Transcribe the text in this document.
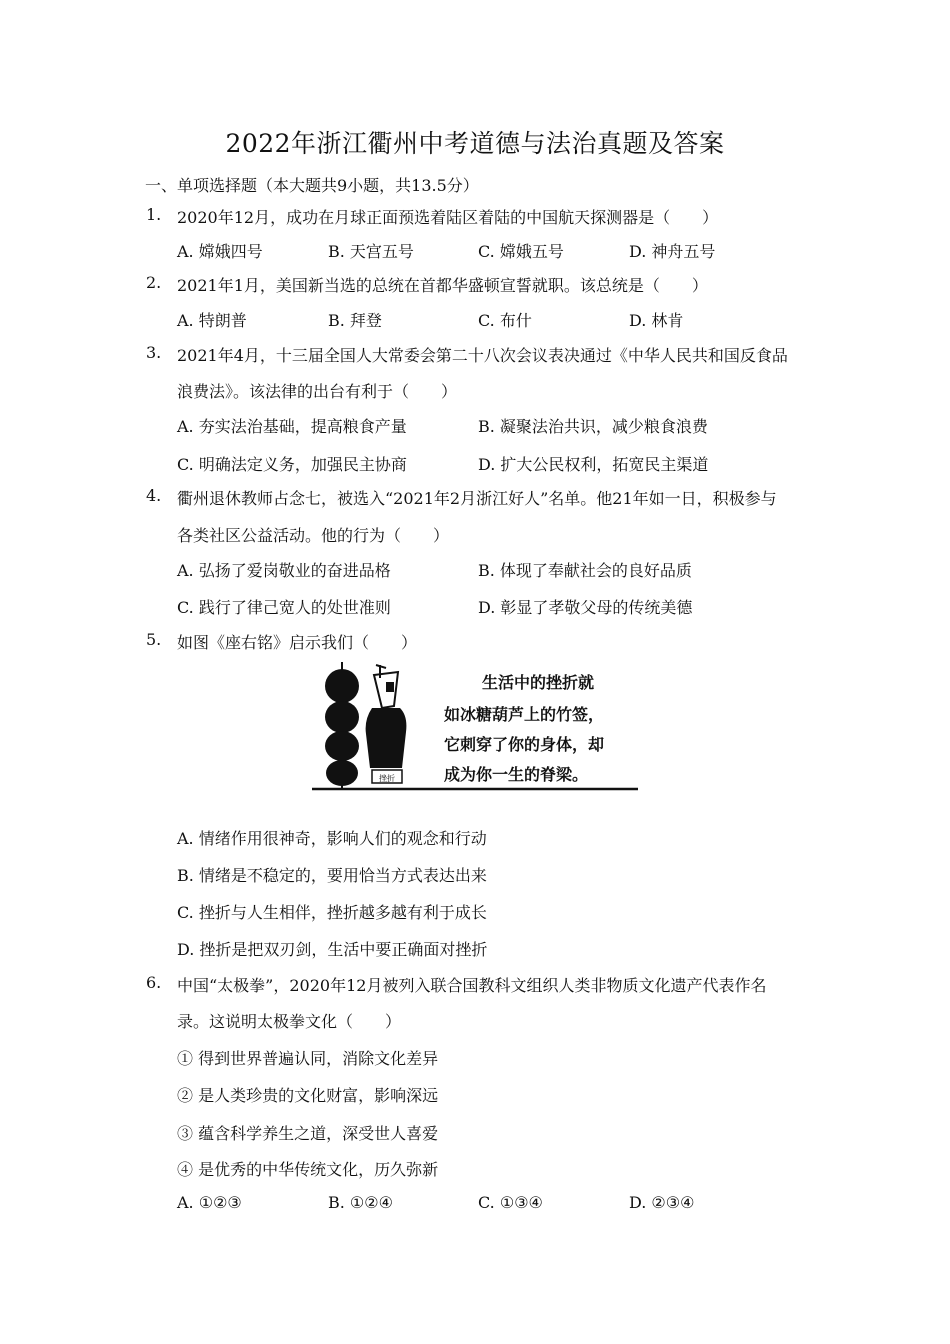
2022年浙江衢州中考道德与法治真题及答案
一、单项选择题（本大题共9小题，共13.5分）
1. 2020年12月，成功在月球正面预选着陆区着陆的中国航天探测器是（　　）
A. 嫦娥四号	B. 天宫五号	C. 嫦娥五号	D. 神舟五号
2. 2021年1月，美国新当选的总统在首都华盛顿宣誓就职。该总统是（　　）
A. 特朗普	B. 拜登	C. 布什	D. 林肯
3. 2021年4月，十三届全国人大常委会第二十八次会议表决通过《中华人民共和国反食品
浪费法》。该法律的出台有利于（　　）
A. 夯实法治基础，提高粮食产量	B. 凝聚法治共识，减少粮食浪费
C. 明确法定义务，加强民主协商	D. 扩大公民权利，拓宽民主渠道
4. 衢州退休教师占念七，被选入“2021年2月浙江好人”名单。他21年如一日，积极参与
各类社区公益活动。他的行为（　　）
A. 弘扬了爱岗敬业的奋进品格	B. 体现了奉献社会的良好品质
C. 践行了律己宽人的处世准则	D. 彰显了孝敬父母的传统美德
5. 如图《座右铭》启示我们（　　）
挫折
生活中的挫折就
如冰糖葫芦上的竹签，
它刺穿了你的身体，却
成为你一生的脊梁。
A. 情绪作用很神奇，影响人们的观念和行动
B. 情绪是不稳定的，要用恰当方式表达出来
C. 挫折与人生相伴，挫折越多越有利于成长
D. 挫折是把双刃剑，生活中要正确面对挫折
6. 中国“太极拳”，2020年12月被列入联合国教科文组织人类非物质文化遗产代表作名
录。这说明太极拳文化（　　）
① 得到世界普遍认同，消除文化差异
② 是人类珍贵的文化财富，影响深远
③ 蕴含科学养生之道，深受世人喜爱
④ 是优秀的中华传统文化，历久弥新
A. ①②③	B. ①②④	C. ①③④	D. ②③④
